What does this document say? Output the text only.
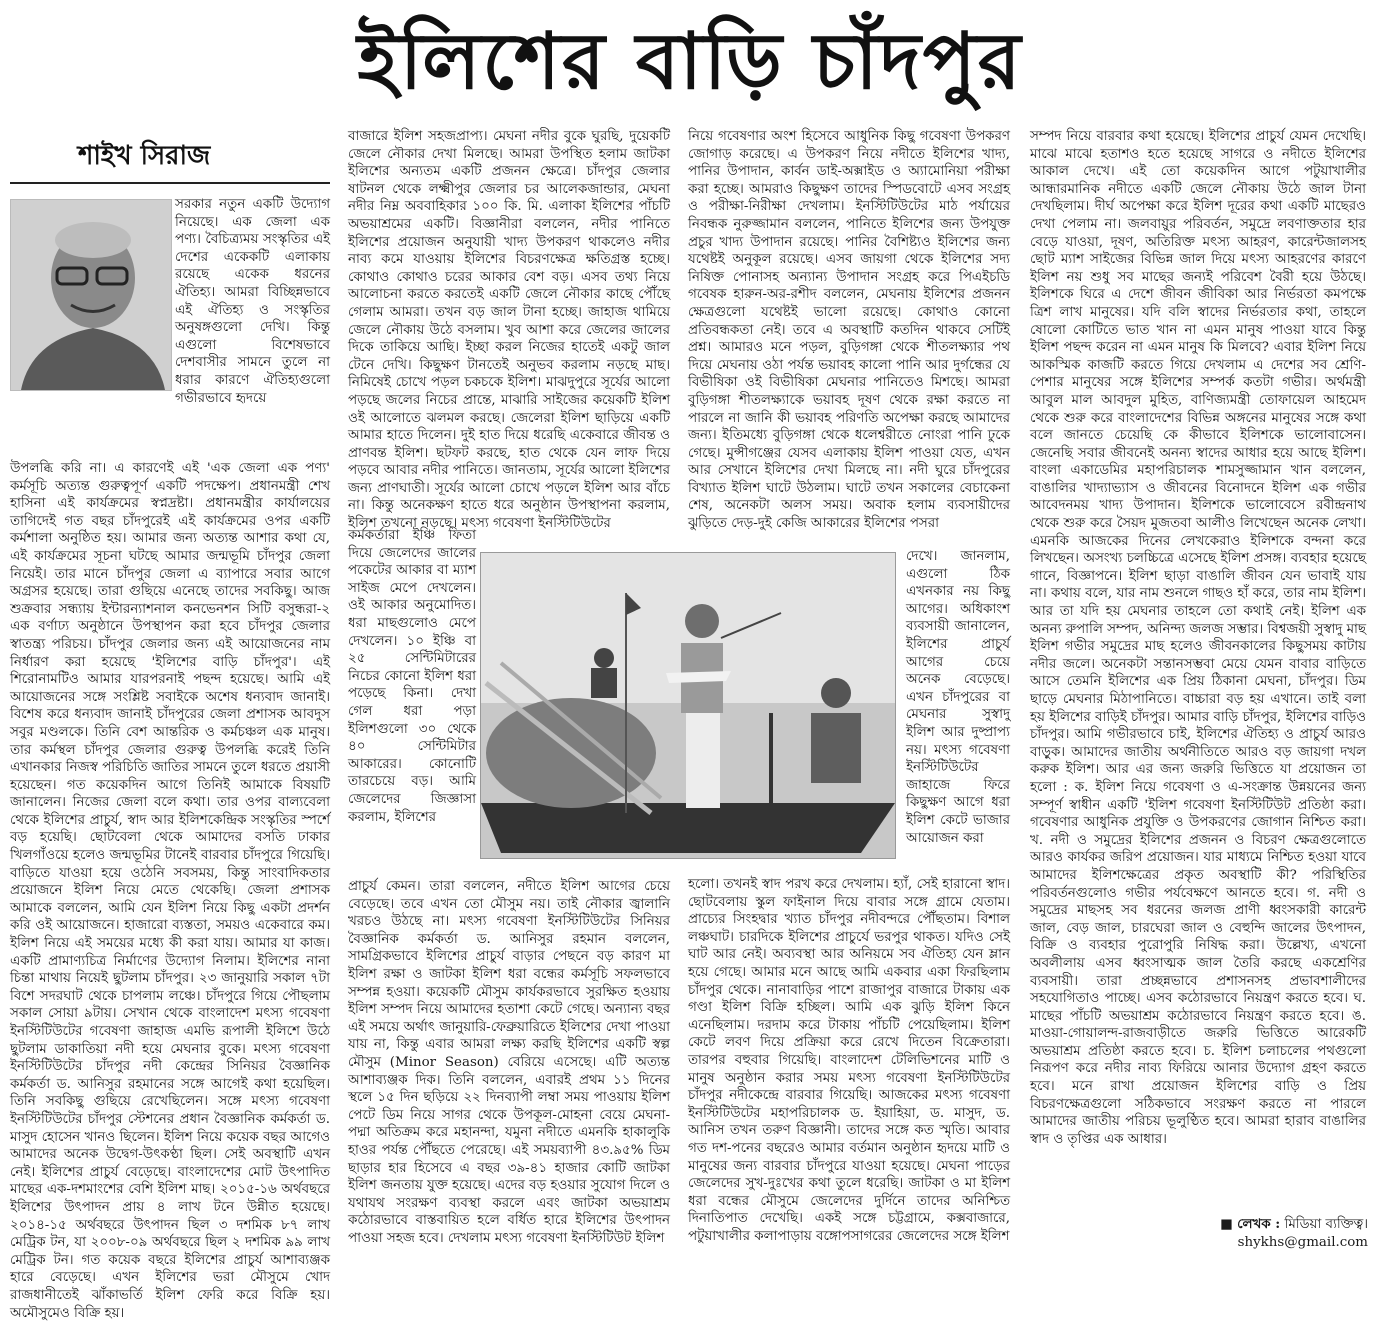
ইলিশের বাড়ি চাঁদপুর
শাইখ সিরাজ

সরকার নতুন একটি উদ্যোগ নিয়েছে। এক জেলা এক পণ্য। বৈচিত্র্যময় সংস্কৃতির এই দেশের একেকটি এলাকায় রয়েছে একেক ধরনের ঐতিহ্য। আমরা বিচ্ছিন্নভাবে এই ঐতিহ্য ও সংস্কৃতির অনুষঙ্গগুলো দেখি। কিন্তু এগুলো বিশেষভাবে দেশবাসীর সামনে তুলে না ধরার কারণে ঐতিহ্যগুলো গভীরভাবে হৃদয়ে

উপলব্ধি করি না। এ কারণেই এই 'এক জেলা এক পণ্য' কর্মসূচি অত্যন্ত গুরুত্বপূর্ণ একটি পদক্ষেপ। প্রধানমন্ত্রী শেখ হাসিনা এই কার্যক্রমের স্বপ্নদ্রষ্টা। প্রধানমন্ত্রীর কার্যালয়ের তাগিদেই গত বছর চাঁদপুরেই এই কার্যক্রমের ওপর একটি কর্মশালা অনুষ্ঠিত হয়। আমার জন্য অত্যন্ত আশার কথা যে, এই কার্যক্রমের সূচনা ঘটছে আমার জন্মভূমি চাঁদপুর জেলা নিয়েই। তার মানে চাঁদপুর জেলা এ ব্যাপারে সবার আগে অগ্রসর হয়েছে। তারা গুছিয়ে এনেছে তাদের সবকিছু। আজ শুক্রবার সন্ধ্যায় ইন্টারন্যাশনাল কনভেনশন সিটি বসুন্ধরা-২ এক বর্ণাঢ্য অনুষ্ঠানে উপস্থাপন করা হবে চাঁদপুর জেলার স্বাতন্ত্র্য পরিচয়। চাঁদপুর জেলার জন্য এই আয়োজনের নাম নির্ধারণ করা হয়েছে 'ইলিশের বাড়ি চাঁদপুর'। এই শিরোনামটিও আমার যারপরনাই পছন্দ হয়েছে। আমি এই আয়োজনের সঙ্গে সংশ্লিষ্ট সবাইকে অশেষ ধন্যবাদ জানাই। বিশেষ করে ধন্যবাদ জানাই চাঁদপুরের জেলা প্রশাসক আবদুস সবুর মণ্ডলকে। তিনি বেশ আন্তরিক ও কর্মচঞ্চল এক মানুষ। তার কর্মস্থল চাঁদপুর জেলার গুরুত্ব উপলব্ধি করেই তিনি এখানকার নিজস্ব পরিচিতি জাতির সামনে তুলে ধরতে প্রয়াসী হয়েছেন। গত কয়েকদিন আগে তিনিই আমাকে বিষয়টি জানালেন। নিজের জেলা বলে কথা। তার ওপর বাল্যবেলা থেকে ইলিশের প্রাচুর্য, স্বাদ আর ইলিশকেন্দ্রিক সংস্কৃতির স্পর্শে বড় হয়েছি। ছোটবেলা থেকে আমাদের বসতি ঢাকার খিলগাঁওয়ে হলেও জন্মভূমির টানেই বারবার চাঁদপুরে গিয়েছি। বাড়িতে যাওয়া হয়ে ওঠেনি সবসময়, কিন্তু সাংবাদিকতার প্রয়োজনে ইলিশ নিয়ে মেতে থেকেছি। জেলা প্রশাসক আমাকে বললেন, আমি যেন ইলিশ নিয়ে কিছু একটা প্রদর্শন করি ওই আয়োজনে। হাজারো ব্যস্ততা, সময়ও একেবারে কম। ইলিশ নিয়ে এই সময়ের মধ্যে কী করা যায়। আমার যা কাজ। একটি প্রামাণ্যচিত্র নির্মাণের উদ্যোগ নিলাম। ইলিশের নানা চিন্তা মাথায় নিয়েই ছুটলাম চাঁদপুর। ২৩ জানুয়ারি সকাল ৭টা বিশে সদরঘাট থেকে চাপলাম লঞ্চে। চাঁদপুরে গিয়ে পৌছলাম সকাল সোয়া ৯টায়। সেখান থেকে বাংলাদেশ মৎস্য গবেষণা ইনস্টিটিউটের গবেষণা জাহাজ এমভি রূপালী ইলিশে উঠে ছুটলাম ডাকাতিয়া নদী হয়ে মেঘনার বুকে। মৎস্য গবেষণা ইনস্টিটিউটের চাঁদপুর নদী কেন্দ্রের সিনিয়র বৈজ্ঞানিক কর্মকর্তা ড. আনিসুর রহমানের সঙ্গে আগেই কথা হয়েছিল। তিনি সবকিছু গুছিয়ে রেখেছিলেন। সঙ্গে মৎস্য গবেষণা ইনস্টিটিউটের চাঁদপুর স্টেশনের প্রধান বৈজ্ঞানিক কর্মকর্তা ড. মাসুদ হোসেন খানও ছিলেন। ইলিশ নিয়ে কয়েক বছর আগেও আমাদের অনেক উদ্বেগ-উৎকণ্ঠা ছিল। সেই অবস্থাটি এখন নেই। ইলিশের প্রাচুর্য বেড়েছে। বাংলাদেশের মোট উৎপাদিত মাছের এক-দশমাংশের বেশি ইলিশ মাছ। ২০১৫-১৬ অর্থবছরে ইলিশের উৎপাদন প্রায় ৪ লাখ টনে উন্নীত হয়েছে। ২০১৪-১৫ অর্থবছরে উৎপাদন ছিল ৩ দশমিক ৮৭ লাখ মেট্রিক টন, যা ২০০৮-০৯ অর্থবছরে ছিল ২ দশমিক ৯৯ লাখ মেট্রিক টন। গত কয়েক বছরে ইলিশের প্রাচুর্য আশাব্যঞ্জক হারে বেড়েছে। এখন ইলিশের ভরা মৌসুমে খোদ রাজধানীতেই ঝাঁকাভর্তি ইলিশ ফেরি করে বিক্রি হয়। অমৌসুমেও বিক্রি হয়।

বাজারে ইলিশ সহজপ্রাপ্য। মেঘনা নদীর বুকে ঘুরছি, দুয়েকটি জেলে নৌকার দেখা মিলছে। আমরা উপস্থিত হলাম জাটকা ইলিশের অন্যতম একটি প্রজনন ক্ষেত্রে। চাঁদপুর জেলার ষাটনল থেকে লক্ষ্মীপুর জেলার চর আলেকজান্ডার, মেঘনা নদীর নিম্ন অববাহিকার ১০০ কি. মি. এলাকা ইলিশের পাঁচটি অভয়াশ্রমের একটি। বিজ্ঞানীরা বললেন, নদীর পানিতে ইলিশের প্রয়োজন অনুযায়ী খাদ্য উপকরণ থাকলেও নদীর নাব্য কমে যাওয়ায় ইলিশের বিচরণক্ষেত্র ক্ষতিগ্রস্ত হচ্ছে। কোথাও কোথাও চরের আকার বেশ বড়। এসব তথ্য নিয়ে আলোচনা করতে করতেই একটি জেলে নৌকার কাছে পৌঁছে গেলাম আমরা। তখন বড় জাল টানা হচ্ছে। জাহাজ থামিয়ে জেলে নৌকায় উঠে বসলাম। খুব আশা করে জেলের জালের দিকে তাকিয়ে আছি। ইচ্ছা করল নিজের হাতেই একটু জাল টেনে দেখি। কিছুক্ষণ টানতেই অনুভব করলাম নড়ছে মাছ। নিমিষেই চোখে পড়ল চকচকে ইলিশ। মাঝদুপুরে সূর্যের আলো পড়ছে জলের নিচের প্রান্তে, মাঝারি সাইজের কয়েকটি ইলিশ ওই আলোতে ঝলমল করছে। জেলেরা ইলিশ ছাড়িয়ে একটি আমার হাতে দিলেন। দুই হাত দিয়ে ধরেছি একেবারে জীবন্ত ও প্রাণবন্ত ইলিশ। ছটফট করছে, হাত থেকে যেন লাফ দিয়ে পড়বে আবার নদীর পানিতে। জানতাম, সূর্যের আলো ইলিশের জন্য প্রাণঘাতী। সূর্যের আলো চোখে পড়লে ইলিশ আর বাঁচে না। কিন্তু অনেকক্ষণ হাতে ধরে অনুষ্ঠান উপস্থাপনা করলাম, ইলিশ তখনো নড়ছে। মৎস্য গবেষণা ইনস্টিটিউটের

কর্মকর্তারা ইঞ্চি ফিতা দিয়ে জেলেদের জালের পকেটের আকার বা ম্যাশ সাইজ মেপে দেখলেন। ওই আকার অনুমোদিত। ধরা মাছগুলোও মেপে দেখলেন। ১০ ইঞ্চি বা ২৫ সেন্টিমিটারের নিচের কোনো ইলিশ ধরা পড়েছে কিনা। দেখা গেল ধরা পড়া ইলিশগুলো ৩০ থেকে ৪০ সেন্টিমিটার আকারের। কোনোটি তারচেয়ে বড়। আমি জেলেদের জিজ্ঞাসা করলাম, ইলিশের

প্রাচুর্য কেমন। তারা বললেন, নদীতে ইলিশ আগের চেয়ে বেড়েছে। তবে এখন তো মৌসুম নয়। তাই নৌকার জ্বালানি খরচও উঠছে না। মৎস্য গবেষণা ইনস্টিটিউটের সিনিয়র বৈজ্ঞানিক কর্মকর্তা ড. আনিসুর রহমান বললেন, সামগ্রিকভাবে ইলিশের প্রাচুর্য বাড়ার পেছনে বড় কারণ মা ইলিশ রক্ষা ও জাটকা ইলিশ ধরা বন্ধের কর্মসূচি সফলভাবে সম্পন্ন হওয়া। কয়েকটি মৌসুম কার্যকরভাবে সুরক্ষিত হওয়ায় ইলিশ সম্পদ নিয়ে আমাদের হতাশা কেটে গেছে। অন্যান্য বছর এই সময়ে অর্থাৎ জানুয়ারি-ফেব্রুয়ারিতে ইলিশের দেখা পাওয়া যায় না, কিন্তু এবার আমরা লক্ষ্য করছি ইলিশের একটি স্বল্প মৌসুম (Minor Season) বেরিয়ে এসেছে। এটি অত্যন্ত আশাব্যঞ্জক দিক। তিনি বললেন, এবারই প্রথম ১১ দিনের স্থলে ১৫ দিন ছড়িয়ে ২২ দিনব্যাপী লম্বা সময় পাওয়ায় ইলিশ পেটে ডিম নিয়ে সাগর থেকে উপকূল-মোহনা বেয়ে মেঘনা-পদ্মা অতিক্রম করে মহানন্দা, যমুনা নদীতে এমনকি হাকালুকি হাওর পর্যন্ত পৌঁছতে পেরেছে। এই সময়ব্যাপী ৪৩.৯৫% ডিম ছাড়ার হার হিসেবে এ বছর ৩৯-৪১ হাজার কোটি জাটকা ইলিশ জনতায় যুক্ত হয়েছে। এদের বড় হওয়ার সুযোগ দিলে ও যথাযথ সংরক্ষণ ব্যবস্থা করলে এবং জাটকা অভয়াশ্রম কঠোরভাবে বাস্তবায়িত হলে বর্ধিত হারে ইলিশের উৎপাদন পাওয়া সহজ হবে। দেখলাম মৎস্য গবেষণা ইনস্টিটিউট ইলিশ

নিয়ে গবেষণার অংশ হিসেবে আধুনিক কিছু গবেষণা উপকরণ জোগাড় করেছে। এ উপকরণ নিয়ে নদীতে ইলিশের খাদ্য, পানির উপাদান, কার্বন ডাই-অক্সাইড ও অ্যামোনিয়া পরীক্ষা করা হচ্ছে। আমরাও কিছুক্ষণ তাদের স্পিডবোটে এসব সংগ্রহ ও পরীক্ষা-নিরীক্ষা দেখলাম। ইনস্টিটিউটের মাঠ পর্যায়ের নিবন্ধক নুরুজ্জামান বললেন, পানিতে ইলিশের জন্য উপযুক্ত প্রচুর খাদ্য উপাদান রয়েছে। পানির বৈশিষ্ট্যও ইলিশের জন্য যথেষ্টই অনুকূল রয়েছে। এসব জায়গা থেকে ইলিশের সদ্য নিষিক্ত পোনাসহ অন্যান্য উপাদান সংগ্রহ করে পিএইচডি গবেষক হারুন-অর-রশীদ বললেন, মেঘনায় ইলিশের প্রজনন ক্ষেত্রগুলো যথেষ্টই ভালো রয়েছে। কোথাও কোনো প্রতিবন্ধকতা নেই। তবে এ অবস্থাটি কতদিন থাকবে সেটিই প্রশ্ন। আমারও মনে পড়ল, বুড়িগঙ্গা থেকে শীতলক্ষ্যার পথ দিয়ে মেঘনায় ওঠা পর্যন্ত ভয়াবহ কালো পানি আর দুর্গন্ধের যে বিভীষিকা ওই বিভীষিকা মেঘনার পানিতেও মিশছে। আমরা বুড়িগঙ্গা শীতলক্ষ্যাকে ভয়াবহ দূষণ থেকে রক্ষা করতে না পারলে না জানি কী ভয়াবহ পরিণতি অপেক্ষা করছে আমাদের জন্য। ইতিমধ্যে বুড়িগঙ্গা থেকে ধলেশ্বরীতে নোংরা পানি ঢুকে গেছে। মুন্সীগঞ্জের যেসব এলাকায় ইলিশ পাওয়া যেত, এখন আর সেখানে ইলিশের দেখা মিলছে না। নদী ঘুরে চাঁদপুরের বিখ্যাত ইলিশ ঘাটে উঠলাম। ঘাটে তখন সকালের বেচাকেনা শেষ, অনেকটা অলস সময়। অবাক হলাম ব্যবসায়ীদের ঝুড়িতে দেড়-দুই কেজি আকারের ইলিশের পসরা

দেখে। জানলাম, এগুলো ঠিক এখনকার নয় কিছু আগের। অধিকাংশ ব্যবসায়ী জানালেন, ইলিশের প্রাচুর্য আগের চেয়ে অনেক বেড়েছে। এখন চাঁদপুরের বা মেঘনার সুস্বাদু ইলিশ আর দুষ্প্রাপ্য নয়। মৎস্য গবেষণা ইনস্টিটিউটের জাহাজে ফিরে কিছুক্ষণ আগে ধরা ইলিশ কেটে ভাজার আয়োজন করা

হলো। তখনই স্বাদ পরখ করে দেখলাম। হ্যাঁ, সেই হারানো স্বাদ। ছোটবেলায় স্কুল ফাইনাল দিয়ে বাবার সঙ্গে গ্রামে যেতাম। প্রাচ্যের সিংহদ্বার খ্যাত চাঁদপুর নদীবন্দরে পৌঁছতাম। বিশাল লঞ্চঘাট। চারদিকে ইলিশের প্রাচুর্যে ভরপুর থাকত। যদিও সেই ঘাট আর নেই। অব্যবস্থা আর অনিয়মে সব ঐতিহ্য যেন ম্লান হয়ে গেছে। আমার মনে আছে আমি একবার একা ফিরছিলাম চাঁদপুর থেকে। নানাবাড়ির পাশে রাজাপুর বাজারে টাকায় এক গণ্ডা ইলিশ বিক্রি হচ্ছিল। আমি এক ঝুড়ি ইলিশ কিনে এনেছিলাম। দরদাম করে টাকায় পাঁচটি পেয়েছিলাম। ইলিশ কেটে লবণ দিয়ে প্রক্রিয়া করে রেখে দিতেন বিক্রেতারা। তারপর বহুবার গিয়েছি। বাংলাদেশ টেলিভিশনের মাটি ও মানুষ অনুষ্ঠান করার সময় মৎস্য গবেষণা ইনস্টিটিউটের চাঁদপুর নদীকেন্দ্রে বারবার গিয়েছি। আজকের মৎস্য গবেষণা ইনস্টিটিউটের মহাপরিচালক ড. ইয়াহিয়া, ড. মাসুদ, ড. আনিস তখন তরুণ বিজ্ঞানী। তাদের সঙ্গে কত স্মৃতি। আবার গত দশ-পনের বছরেও আমার বর্তমান অনুষ্ঠান হৃদয়ে মাটি ও মানুষের জন্য বারবার চাঁদপুরে যাওয়া হয়েছে। মেঘনা পাড়ের জেলেদের সুখ-দুঃখের কথা তুলে ধরেছি। জাটকা ও মা ইলিশ ধরা বন্ধের মৌসুমে জেলেদের দুর্দিনে তাদের অনিশ্চিত দিনাতিপাত দেখেছি। একই সঙ্গে চট্টগ্রামে, কক্সবাজারে, পটুয়াখালীর কলাপাড়ায় বঙ্গোপসাগরের জেলেদের সঙ্গে ইলিশ

সম্পদ নিয়ে বারবার কথা হয়েছে। ইলিশের প্রাচুর্য যেমন দেখেছি। মাঝে মাঝে হতাশও হতে হয়েছে সাগরে ও নদীতে ইলিশের আকাল দেখে। এই তো কয়েকদিন আগে পটুয়াখালীর আন্ধারমানিক নদীতে একটি জেলে নৌকায় উঠে জাল টানা দেখছিলাম। দীর্ঘ অপেক্ষা করে ইলিশ দূরের কথা একটি মাছেরও দেখা পেলাম না। জলবায়ুর পরিবর্তন, সমুদ্রে লবণাক্ততার হার বেড়ে যাওয়া, দূষণ, অতিরিক্ত মৎস্য আহরণ, কারেন্টজালসহ ছোট ম্যাশ সাইজের বিভিন্ন জাল দিয়ে মৎস্য আহরণের কারণে ইলিশ নয় শুধু সব মাছের জন্যই পরিবেশ বৈরী হয়ে উঠছে। ইলিশকে ঘিরে এ দেশে জীবন জীবিকা আর নির্ভরতা কমপক্ষে ত্রিশ লাখ মানুষের। যদি বলি স্বাদের নির্ভরতার কথা, তাহলে ষোলো কোটিতে ভাত খান না এমন মানুষ পাওয়া যাবে কিন্তু ইলিশ পছন্দ করেন না এমন মানুষ কি মিলবে? এবার ইলিশ নিয়ে আকস্মিক কাজটি করতে গিয়ে দেখলাম এ দেশের সব শ্রেণি-পেশার মানুষের সঙ্গে ইলিশের সম্পর্ক কতটা গভীর। অর্থমন্ত্রী আবুল মাল আবদুল মুহিত, বাণিজ্যমন্ত্রী তোফায়েল আহমেদ থেকে শুরু করে বাংলাদেশের বিভিন্ন অঙ্গনের মানুষের সঙ্গে কথা বলে জানতে চেয়েছি কে কীভাবে ইলিশকে ভালোবাসেন। জেনেছি সবার জীবনেই অনন্য স্বাদের আধার হয়ে আছে ইলিশ। বাংলা একাডেমির মহাপরিচালক শামসুজ্জামান খান বললেন, বাঙালির খাদ্যাভ্যাস ও জীবনের বিনোদনে ইলিশ এক গভীর আবেদনময় খাদ্য উপাদান। ইলিশকে ভালোবেসে রবীন্দ্রনাথ থেকে শুরু করে সৈয়দ মুজতবা আলীও লিখেছেন অনেক লেখা। এমনকি আজকের দিনের লেখকেরাও ইলিশকে বন্দনা করে লিখছেন। অসংখ্য চলচ্চিত্রে এসেছে ইলিশ প্রসঙ্গ। ব্যবহার হয়েছে গানে, বিজ্ঞাপনে। ইলিশ ছাড়া বাঙালি জীবন যেন ভাবাই যায় না। কথায় বলে, যার নাম শুনলে গাছও হাঁ করে, তার নাম ইলিশ। আর তা যদি হয় মেঘনার তাহলে তো কথাই নেই। ইলিশ এক অনন্য রুপালি সম্পদ, অনিন্দ্য জলজ সম্ভার। বিশ্বজয়ী সুস্বাদু মাছ ইলিশ গভীর সমুদ্রের মাছ হলেও জীবনকালের কিছুসময় কাটায় নদীর জলে। অনেকটা সন্তানসম্ভবা মেয়ে যেমন বাবার বাড়িতে আসে তেমনি ইলিশের এক প্রিয় ঠিকানা মেঘনা, চাঁদপুর। ডিম ছাড়ে মেঘনার মিঠাপানিতে। বাচ্চারা বড় হয় এখানে। তাই বলা হয় ইলিশের বাড়িই চাঁদপুর। আমার বাড়ি চাঁদপুর, ইলিশের বাড়িও চাঁদপুর। আমি গভীরভাবে চাই, ইলিশের ঐতিহ্য ও প্রাচুর্য আরও বাড়ুক। আমাদের জাতীয় অর্থনীতিতে আরও বড় জায়গা দখল করুক ইলিশ। আর এর জন্য জরুরি ভিত্তিতে যা প্রয়োজন তা হলো : ক. ইলিশ নিয়ে গবেষণা ও এ-সংক্রান্ত উন্নয়নের জন্য সম্পূর্ণ স্বাধীন একটি 'ইলিশ গবেষণা ইনস্টিটিউট প্রতিষ্ঠা করা। গবেষণার আধুনিক প্রযুক্তি ও উপকরণের জোগান নিশ্চিত করা। খ. নদী ও সমুদ্রের ইলিশের প্রজনন ও বিচরণ ক্ষেত্রগুলোতে আরও কার্যকর জরিপ প্রয়োজন। যার মাধ্যমে নিশ্চিত হওয়া যাবে আমাদের ইলিশক্ষেত্রের প্রকৃত অবস্থাটি কী? পরিস্থিতির পরিবর্তনগুলোও গভীর পর্যবেক্ষণে আনতে হবে। গ. নদী ও সমুদ্রের মাছসহ সব ধরনের জলজ প্রাণী ধ্বংসকারী কারেন্ট জাল, বেড় জাল, চারঘেরা জাল ও বেহুন্দি জালের উৎপাদন, বিক্রি ও ব্যবহার পুরোপুরি নিষিদ্ধ করা। উল্লেখ্য, এখনো অবলীলায় এসব ধ্বংসাত্মক জাল তৈরি করছে একশ্রেণির ব্যবসায়ী। তারা প্রচ্ছন্নভাবে প্রশাসনসহ প্রভাবশালীদের সহযোগিতাও পাচ্ছে। এসব কঠোরভাবে নিয়ন্ত্রণ করতে হবে। ঘ. মাছের পাঁচটি অভয়াশ্রম কঠোরভাবে নিয়ন্ত্রণ করতে হবে। ঙ. মাওয়া-গোয়ালন্দ-রাজবাড়ীতে জরুরি ভিত্তিতে আরেকটি অভয়াশ্রম প্রতিষ্ঠা করতে হবে। চ. ইলিশ চলাচলের পথগুলো নিরূপণ করে নদীর নাব্য ফিরিয়ে আনার উদ্যোগ গ্রহণ করতে হবে। মনে রাখা প্রয়োজন ইলিশের বাড়ি ও প্রিয় বিচরণক্ষেত্রগুলো সঠিকভাবে সংরক্ষণ করতে না পারলে আমাদের জাতীয় পরিচয় ভূলুণ্ঠিত হবে। আমরা হারাব বাঙালির স্বাদ ও তৃপ্তির এক আধার।

■ লেখক : মিডিয়া ব্যক্তিত্ব।
shykhs@gmail.com
